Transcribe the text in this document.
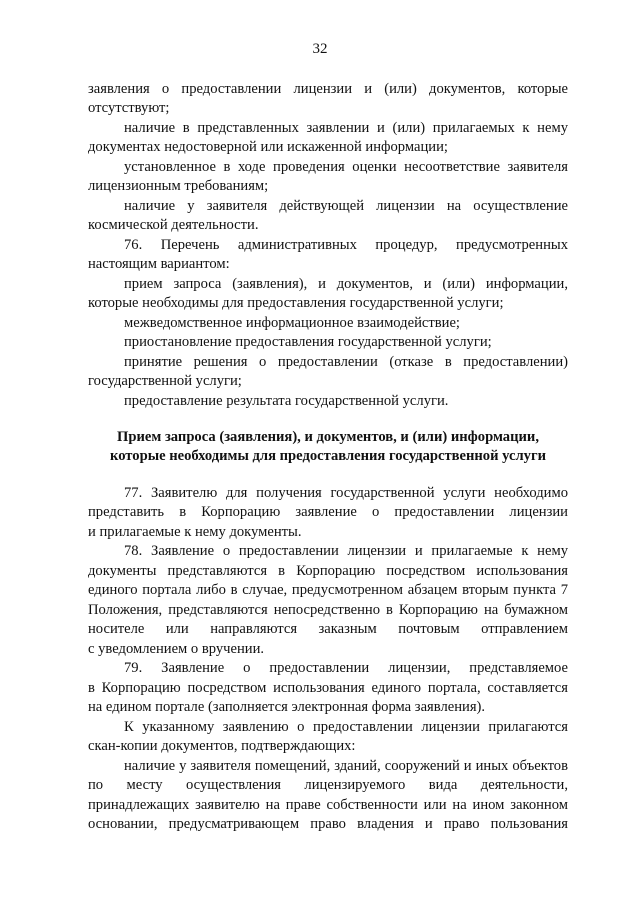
32
заявления о предоставлении лицензии и (или) документов, которые
отсутствуют;
наличие в представленных заявлении и (или) прилагаемых к нему
документах недостоверной или искаженной информации;
установленное в ходе проведения оценки несоответствие заявителя
лицензионным требованиям;
наличие у заявителя действующей лицензии на осуществление
космической деятельности.
76. Перечень административных процедур, предусмотренных
настоящим вариантом:
прием запроса (заявления), и документов, и (или) информации,
которые необходимы для предоставления государственной услуги;
межведомственное информационное взаимодействие;
приостановление предоставления государственной услуги;
принятие решения о предоставлении (отказе в предоставлении)
государственной услуги;
предоставление результата государственной услуги.
Прием запроса (заявления), и документов, и (или) информации,
которые необходимы для предоставления государственной услуги
77. Заявителю для получения государственной услуги необходимо
представить в Корпорацию заявление о предоставлении лицензии
и прилагаемые к нему документы.
78. Заявление о предоставлении лицензии и прилагаемые к нему
документы представляются в Корпорацию посредством использования
единого портала либо в случае, предусмотренном абзацем вторым пункта 7
Положения, представляются непосредственно в Корпорацию на бумажном
носителе или направляются заказным почтовым отправлением
с уведомлением о вручении.
79. Заявление о предоставлении лицензии, представляемое
в Корпорацию посредством использования единого портала, составляется
на едином портале (заполняется электронная форма заявления).
К указанному заявлению о предоставлении лицензии прилагаются
скан-копии документов, подтверждающих:
наличие у заявителя помещений, зданий, сооружений и иных объектов
по месту осуществления лицензируемого вида деятельности,
принадлежащих заявителю на праве собственности или на ином законном
основании, предусматривающем право владения и право пользования
